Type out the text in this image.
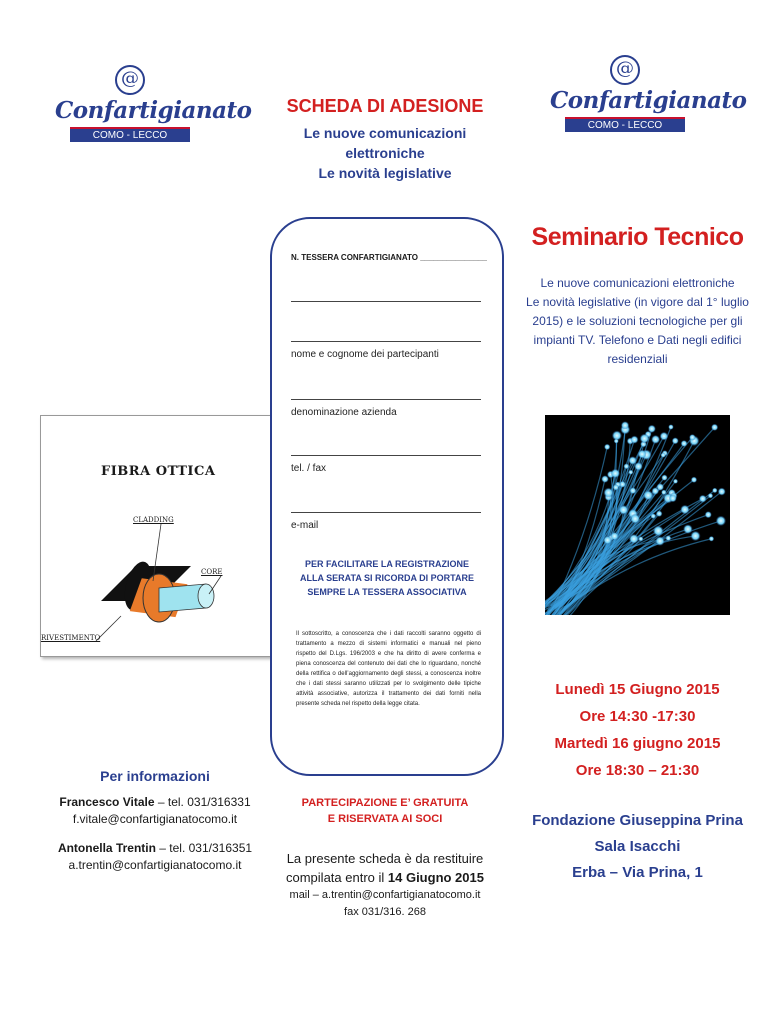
@
Confartigianato
COMO - LECCO
FIBRA OTTICA
CLADDING
CORE
RIVESTIMENTO
Per informazioni
Francesco Vitale – tel. 031/316331
f.vitale@confartigianatocomo.it
Antonella Trentin – tel. 031/316351
a.trentin@confartigianatocomo.it
SCHEDA DI ADESIONE
Le nuove comunicazioni
elettroniche
Le novità legislative
N. TESSERA CONFARTIGIANATO _______________
nome e cognome dei partecipanti
denominazione azienda
tel. / fax
e-mail
PER FACILITARE LA REGISTRAZIONE ALLA SERATA SI RICORDA DI PORTARE SEMPRE LA TESSERA ASSOCIATIVA
Il sottoscritto, a conoscenza che i dati raccolti saranno oggetto di trattamento a mezzo di sistemi informatici e manuali nel pieno rispetto del D.Lgs. 196/2003 e che ha diritto di avere conferma e piena conoscenza del contenuto dei dati che lo riguardano, nonché della rettifica o dell’aggiornamento degli stessi, a conoscenza inoltre che i dati stessi saranno utilizzati per lo svolgimento delle tipiche attività associative, autorizza il trattamento dei dati forniti nella presente scheda nel rispetto della legge citata.
PARTECIPAZIONE E’ GRATUITA
E RISERVATA AI SOCI
La presente scheda è da restituire
compilata entro il 14 Giugno 2015
mail – a.trentin@confartigianatocomo.it
fax 031/316. 268
@
Confartigianato
COMO - LECCO
Seminario Tecnico
Le nuove comunicazioni elettroniche
Le novità legislative (in vigore dal 1° luglio
2015) e le soluzioni tecnologiche per gli
impianti TV. Telefono e Dati negli edifici
residenziali
Lunedì 15 Giugno 2015
Ore 14:30 -17:30
Martedì 16 giugno 2015
Ore 18:30 – 21:30
Fondazione Giuseppina Prina
Sala Isacchi
Erba – Via Prina, 1
